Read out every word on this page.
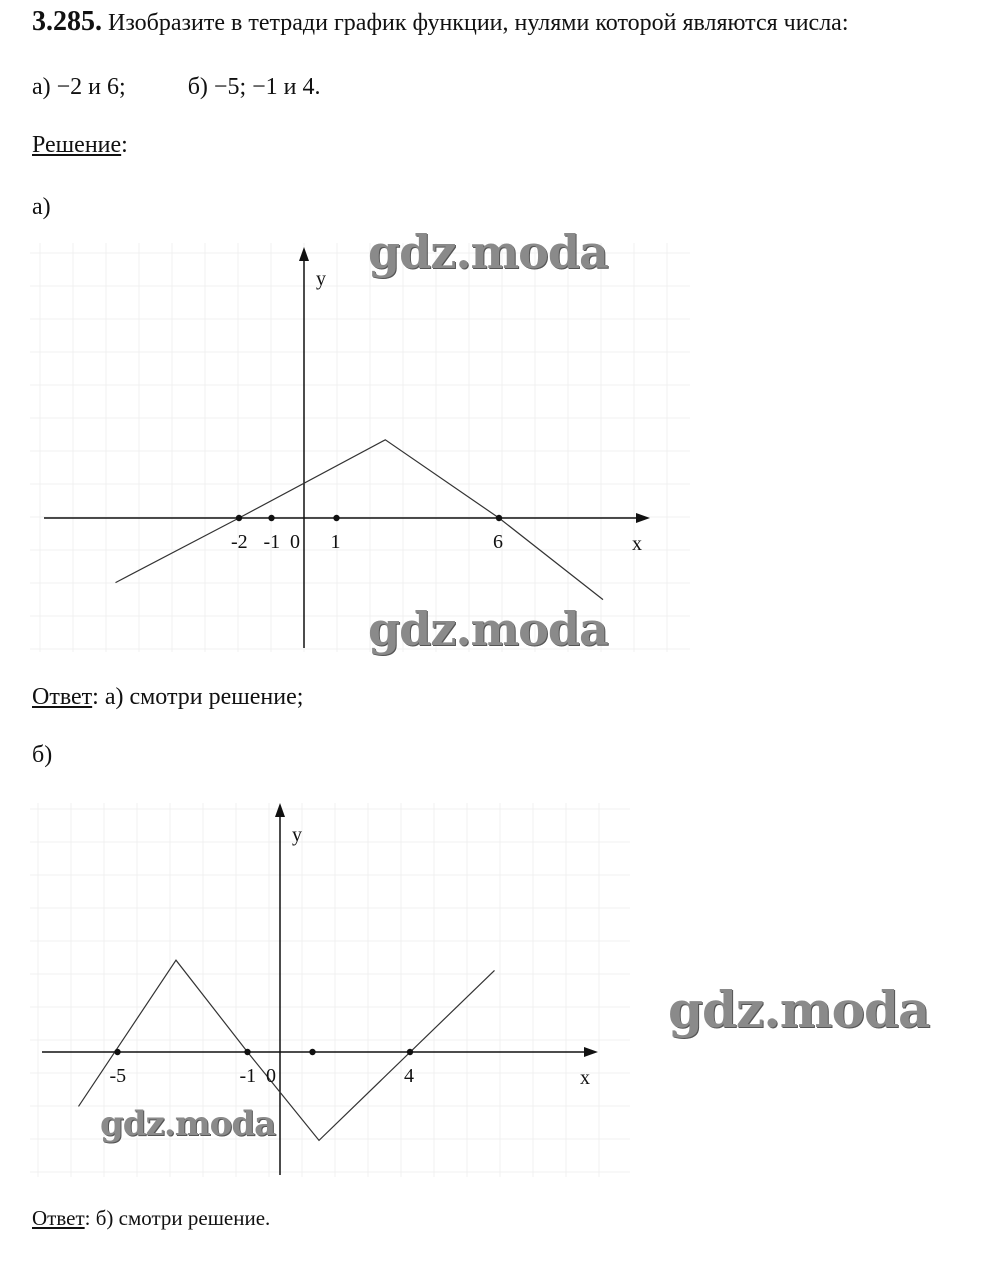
3.285. Изобразите в тетради график функции, нулями которой являются числа:
а) −2 и 6;	б) −5; −1 и 4.
Решение:
а)
x
y
-2 -1 0 1	6
gdz.moda
gdz.moda
Ответ: а) смотри решение;
б)
x
y
-5	-1 0	4
gdz.moda
gdz.moda
Ответ: б) смотри решение.
